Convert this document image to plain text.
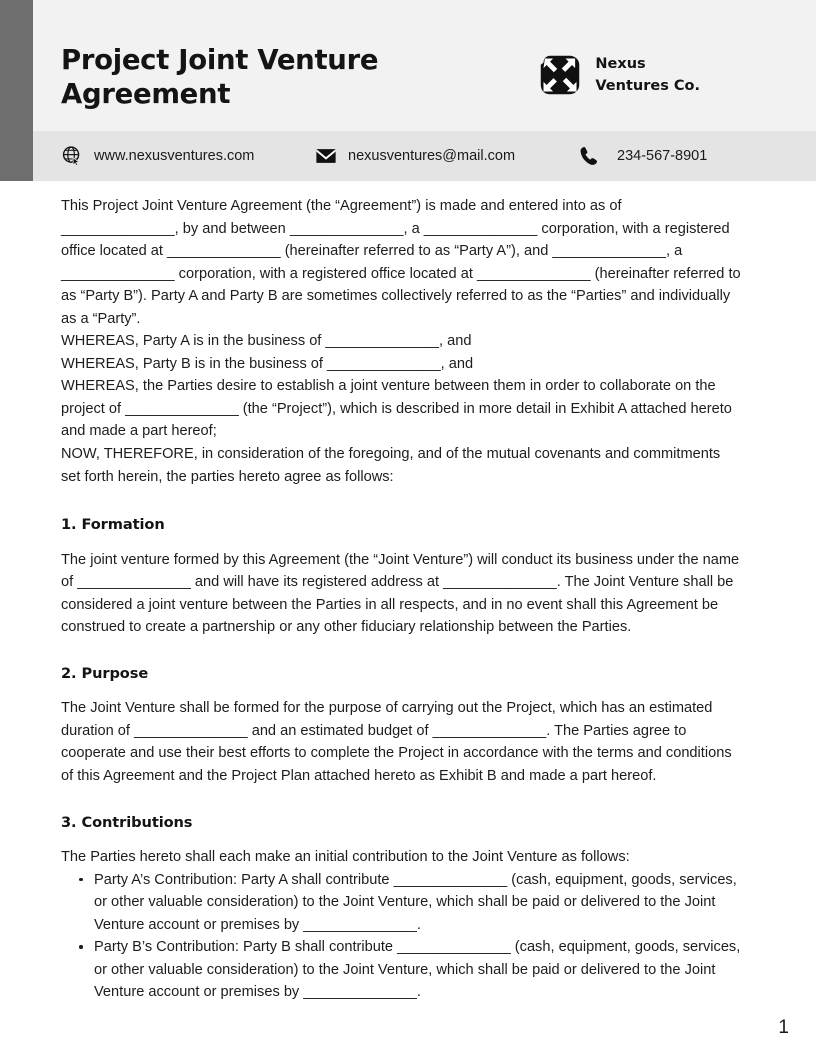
Project Joint Venture Agreement
Nexus
Ventures Co.
www.nexusventures.com	nexusventures@mail.com	234-567-8901

This Project Joint Venture Agreement (the “Agreement”) is made and entered into as of ______________, by and between ______________, a ______________ corporation, with a registered office located at ______________ (hereinafter referred to as “Party A”), and ______________, a ______________ corporation, with a registered office located at ______________ (hereinafter referred to as “Party B”). Party A and Party B are sometimes collectively referred to as the “Parties” and individually as a “Party”.

WHEREAS, Party A is in the business of ______________, and

WHEREAS, Party B is in the business of ______________, and

WHEREAS, the Parties desire to establish a joint venture between them in order to collaborate on the project of ______________ (the “Project”), which is described in more detail in Exhibit A attached hereto and made a part hereof;

NOW, THEREFORE, in consideration of the foregoing, and of the mutual covenants and commitments set forth herein, the parties hereto agree as follows:

1. Formation

The joint venture formed by this Agreement (the “Joint Venture”) will conduct its business under the name of ______________ and will have its registered address at ______________. The Joint Venture shall be considered a joint venture between the Parties in all respects, and in no event shall this Agreement be construed to create a partnership or any other fiduciary relationship between the Parties.

2. Purpose

The Joint Venture shall be formed for the purpose of carrying out the Project, which has an estimated duration of ______________ and an estimated budget of ______________. The Parties agree to cooperate and use their best efforts to complete the Project in accordance with the terms and conditions of this Agreement and the Project Plan attached hereto as Exhibit B and made a part hereof.

3. Contributions

The Parties hereto shall each make an initial contribution to the Joint Venture as follows:

Party A’s Contribution: Party A shall contribute ______________ (cash, equipment, goods, services, or other valuable consideration) to the Joint Venture, which shall be paid or delivered to the Joint Venture account or premises by ______________.
Party B’s Contribution: Party B shall contribute ______________ (cash, equipment, goods, services, or other valuable consideration) to the Joint Venture, which shall be paid or delivered to the Joint Venture account or premises by ______________.
1
